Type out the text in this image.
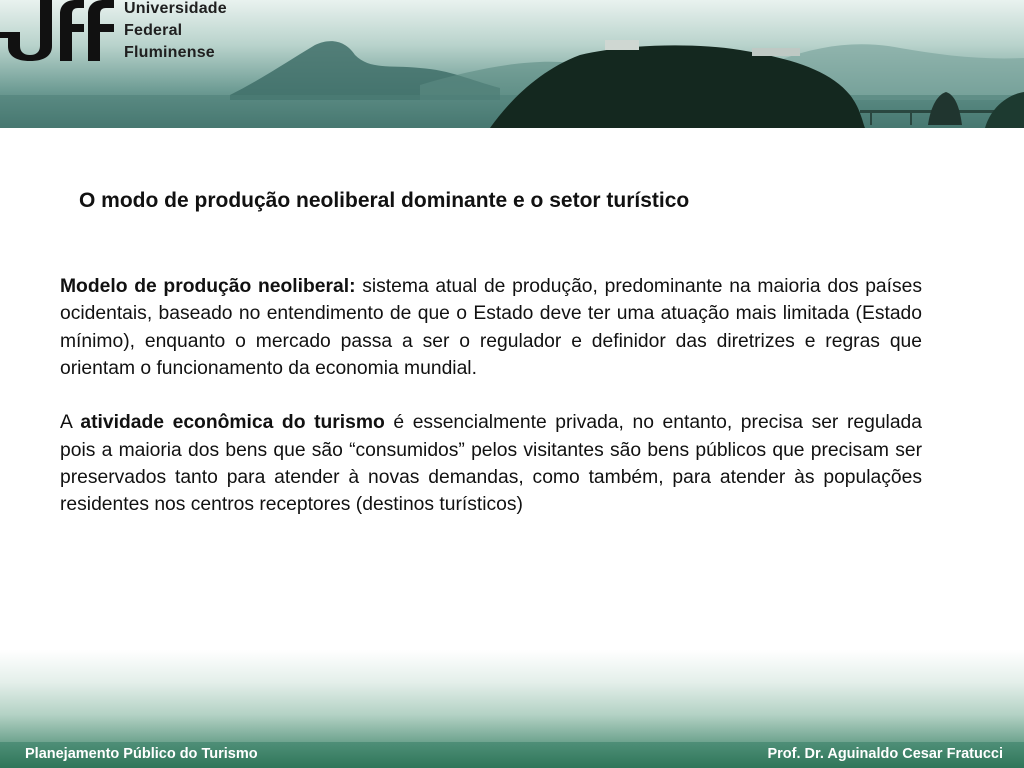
Universidade
Federal
Fluminense
O modo de produção neoliberal dominante e o setor turístico

Modelo de produção neoliberal: sistema atual de produção, predominante na maioria dos países ocidentais, baseado no entendimento de que o Estado deve ter uma atuação mais limitada (Estado mínimo), enquanto o mercado passa a ser o regulador e definidor das diretrizes e regras que orientam o funcionamento da economia mundial.

A atividade econômica do turismo é essencialmente privada, no entanto, precisa ser regulada pois a maioria dos bens que são “consumidos” pelos visitantes são bens públicos que precisam ser preservados tanto para atender à novas demandas, como também, para atender às populações residentes nos centros receptores (destinos turísticos)

Planejamento Público do Turismo	Prof. Dr. Aguinaldo Cesar Fratucci
